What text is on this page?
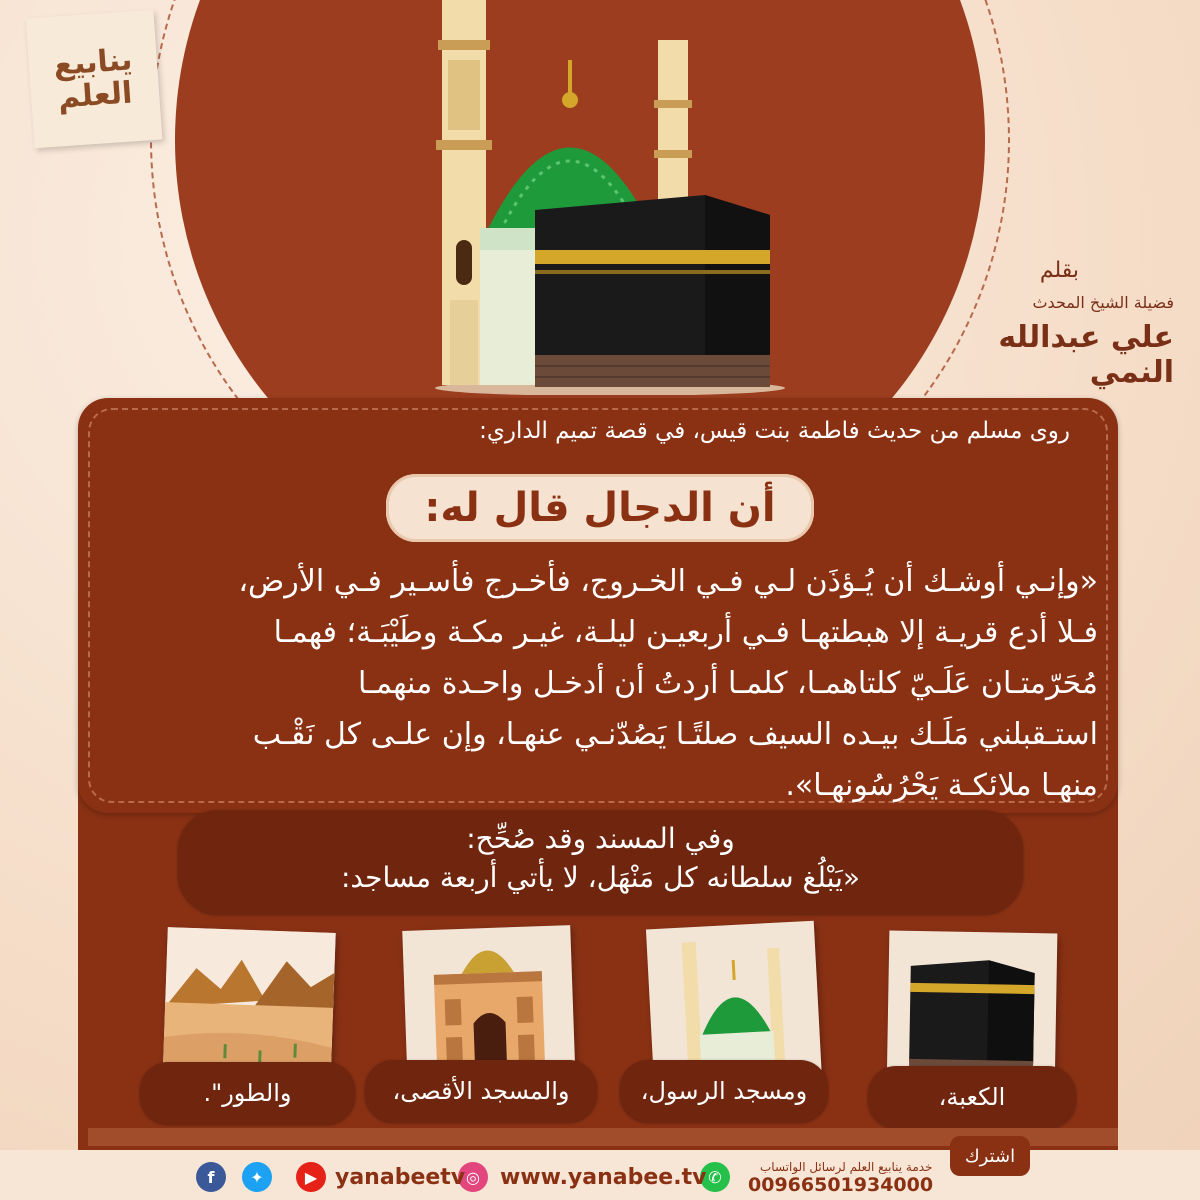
ينابيع العلم
بقلم
فضيلة الشيخ المحدث
علي عبدالله النمي
روى مسلم من حديث فاطمة بنت قيس، في قصة تميم الداري:
أن الدجال قال له:

«وإنـي أوشـك أن يُـؤذَن لـي فـي الخـروج، فأخـرج فأسـير فـي الأرض،

فـلا أدع قريـة إلا هبطتهـا فـي أربعيـن ليلـة، غيـر مكـة وطَيْبَـة؛ فهمـا

مُحَرّمتـان عَلَـيّ كلتاهمـا، كلمـا أردتُ أن أدخـل واحـدة منهمـا

استـقبلني مَلَـك بيـده السيف صلتًـا يَصُدّنـي عنهـا، وإن علـى كل نَقْـب

منهـا ملائكـة يَحْرُسُونهـا».

وفي المسند وقد صُحِّح:
«يَبْلُغ سلطانه كل مَنْهَل، لا يأتي أربعة مساجد:
الكعبة،
ومسجد الرسول،
والمسجد الأقصى،
والطور".
اشترك
خدمة ينابيع العلم لرسائل الواتساب
00966501934000
✆
www.yanabee.tv
◎
yanabeetv
▶
✦
f
